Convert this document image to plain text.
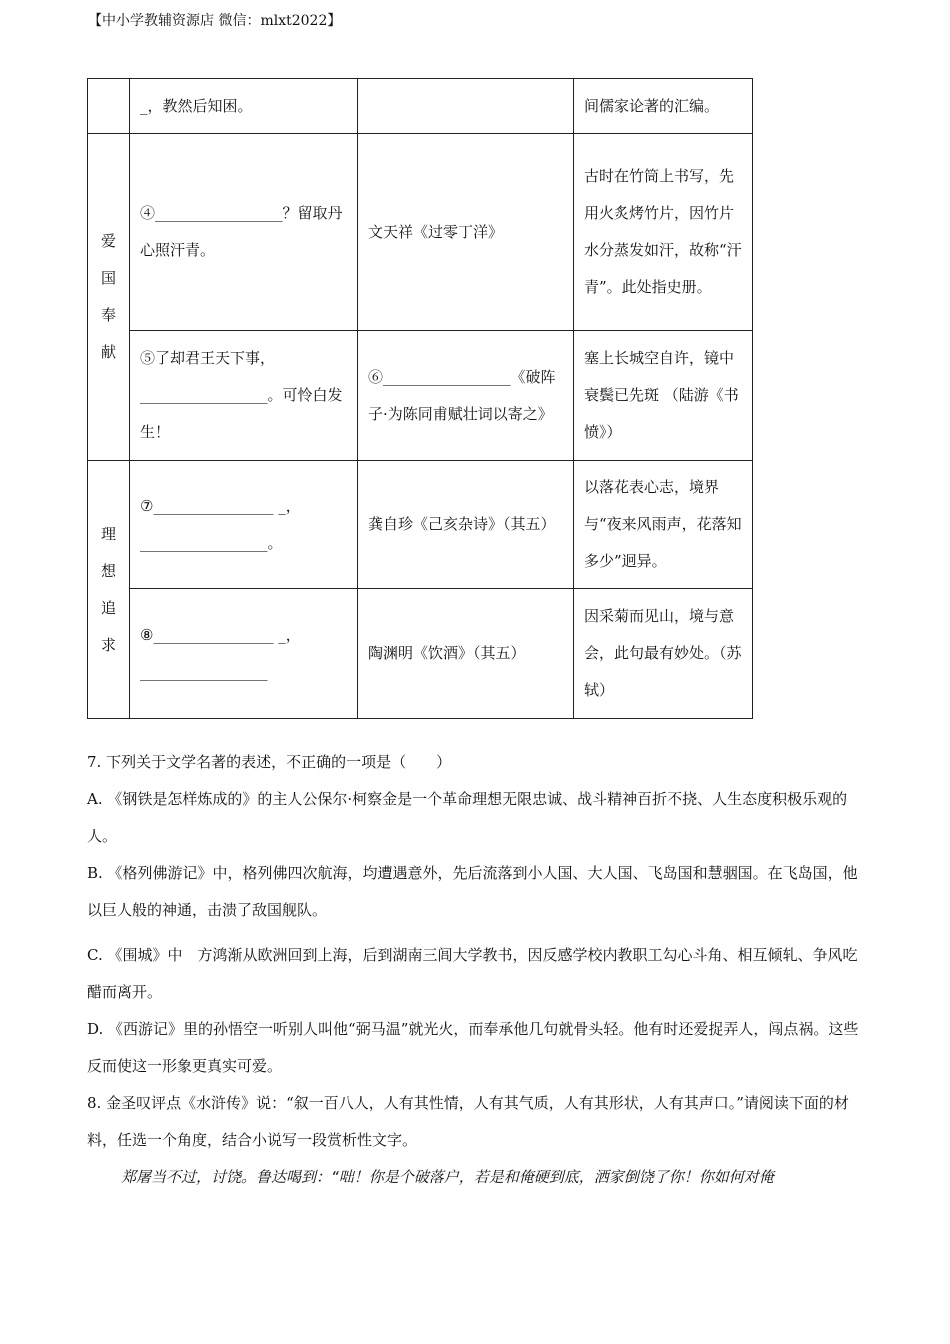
【中小学教辅资源店 微信：mlxt2022】
	_，教然后知困。		间儒家论著的汇编。
爱国奉献	④_________________？留取丹心照汗青。	文天祥《过零丁洋》	古时在竹筒上书写，先用火炙烤竹片，因竹片水分蒸发如汗，故称“汗青”。此处指史册。
	⑤了却君王天下事，_________________。可怜白发生！	⑥_________________《破阵子·为陈同甫赋壮词以寄之》	塞上长城空自许，镜中衰鬓已先斑 （陆游《书愤》）
理想追求	⑦________________ _，_________________。	龚自珍《己亥杂诗》（其五）	以落花表心志，境界与“夜来风雨声，花落知多少”迥异。
	⑧________________ _，_________________	陶渊明《饮酒》（其五）	因采菊而见山，境与意会，此句最有妙处。（苏轼）

7. 下列关于文学名著的表述，不正确的一项是（　　）

A. 《钢铁是怎样炼成的》的主人公保尔·柯察金是一个革命理想无限忠诚、战斗精神百折不挠、人生态度积极乐观的人。

B. 《格列佛游记》中，格列佛四次航海，均遭遇意外，先后流落到小人国、大人国、飞岛国和慧骃国。在飞岛国，他以巨人般的神通，击溃了敌国舰队。

C. 《围城》中　方鸿渐从欧洲回到上海，后到湖南三闾大学教书，因反感学校内教职工勾心斗角、相互倾轧、争风吃醋而离开。

D. 《西游记》里的孙悟空一听别人叫他“弼马温”就光火，而奉承他几句就骨头轻。他有时还爱捉弄人，闯点祸。这些反而使这一形象更真实可爱。

8. 金圣叹评点《水浒传》说：“叙一百八人，人有其性情，人有其气质，人有其形状，人有其声口。”请阅读下面的材料，任选一个角度，结合小说写一段赏析性文字。

郑屠当不过，讨饶。鲁达喝到：“咄！你是个破落户，若是和俺硬到底，洒家倒饶了你！你如何对俺
